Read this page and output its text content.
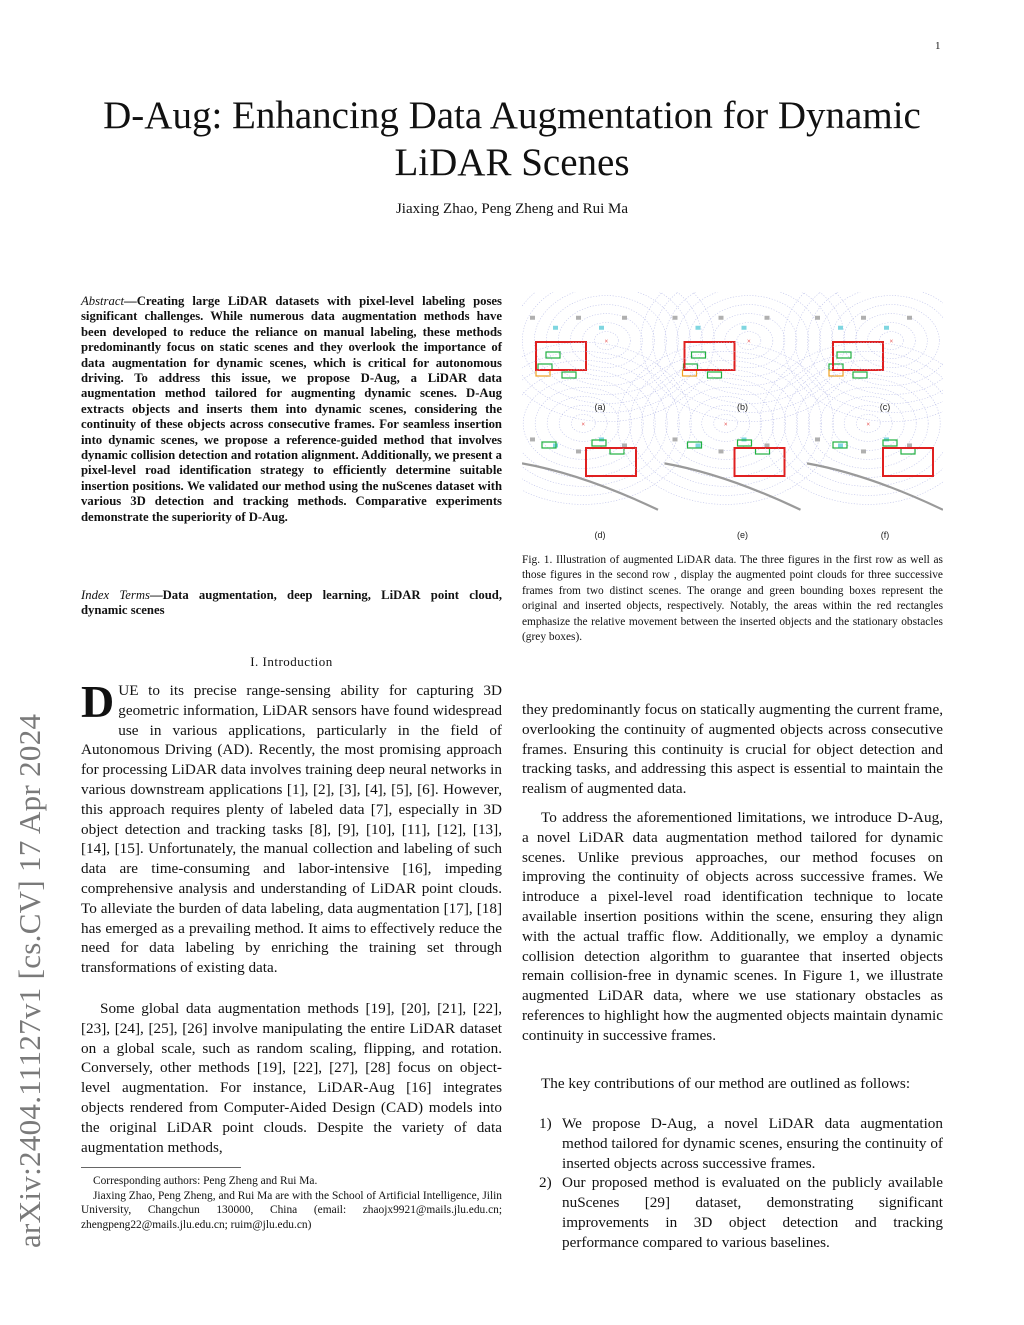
1
D-Aug: Enhancing Data Augmentation for Dynamic LiDAR Scenes
Jiaxing Zhao, Peng Zheng and Rui Ma
arXiv:2404.11127v1 [cs.CV] 17 Apr 2024
Abstract—Creating large LiDAR datasets with pixel-level labeling poses significant challenges. While numerous data augmentation methods have been developed to reduce the reliance on manual labeling, these methods predominantly focus on static scenes and they overlook the importance of data augmentation for dynamic scenes, which is critical for autonomous driving. To address this issue, we propose D-Aug, a LiDAR data augmentation method tailored for augmenting dynamic scenes. D-Aug extracts objects and inserts them into dynamic scenes, considering the continuity of these objects across consecutive frames. For seamless insertion into dynamic scenes, we propose a reference-guided method that involves dynamic collision detection and rotation alignment. Additionally, we present a pixel-level road identification strategy to efficiently determine suitable insertion positions. We validated our method using the nuScenes dataset with various 3D detection and tracking methods. Comparative experiments demonstrate the superiority of D-Aug.
Index Terms—Data augmentation, deep learning, LiDAR point cloud, dynamic scenes
I. Introduction
DUE to its precise range-sensing ability for capturing 3D geometric information, LiDAR sensors have found widespread use in various applications, particularly in the field of Autonomous Driving (AD). Recently, the most promising approach for processing LiDAR data involves training deep neural networks in various downstream applications [1], [2], [3], [4], [5], [6]. However, this approach requires plenty of labeled data [7], especially in 3D object detection and tracking tasks [8], [9], [10], [11], [12], [13], [14], [15]. Unfortunately, the manual collection and labeling of such data are time-consuming and labor-intensive [16], impeding comprehensive analysis and understanding of LiDAR point clouds. To alleviate the burden of data labeling, data augmentation [17], [18] has emerged as a prevailing method. It aims to effectively reduce the need for data labeling by enriching the training set through transformations of existing data.
Some global data augmentation methods [19], [20], [21], [22], [23], [24], [25], [26] involve manipulating the entire LiDAR dataset on a global scale, such as random scaling, flipping, and rotation. Conversely, other methods [19], [22], [27], [28] focus on object-level augmentation. For instance, LiDAR-Aug [16] integrates objects rendered from Computer-Aided Design (CAD) models into the original LiDAR point clouds. Despite the variety of data augmentation methods,
Corresponding authors: Peng Zheng and Rui Ma.
Jiaxing Zhao, Peng Zheng, and Rui Ma are with the School of Artificial Intelligence, Jilin University, Changchun 130000, China (email: zhaojx9921@mails.jlu.edu.cn; zhengpeng22@mails.jlu.edu.cn; ruim@jlu.edu.cn)
×
(a)
×
(b)
×
(c)
×
(d)
×
(e)
×
(f)
Fig. 1. Illustration of augmented LiDAR data. The three figures in the first row as well as those figures in the second row , display the augmented point clouds for three successive frames from two distinct scenes. The orange and green bounding boxes represent the original and inserted objects, respectively. Notably, the areas within the red rectangles emphasize the relative movement between the inserted objects and the stationary obstacles (grey boxes).
they predominantly focus on statically augmenting the current frame, overlooking the continuity of augmented objects across consecutive frames. Ensuring this continuity is crucial for object detection and tracking tasks, and addressing this aspect is essential to maintain the realism of augmented data.
To address the aforementioned limitations, we introduce D-Aug, a novel LiDAR data augmentation method tailored for dynamic scenes. Unlike previous approaches, our method focuses on improving the continuity of objects across successive frames. We introduce a pixel-level road identification technique to locate available insertion positions within the scene, ensuring they align with the actual traffic flow. Additionally, we employ a dynamic collision detection algorithm to guarantee that inserted objects remain collision-free in dynamic scenes. In Figure 1, we illustrate augmented LiDAR data, where we use stationary obstacles as references to highlight how the augmented objects maintain dynamic continuity in successive frames.
The key contributions of our method are outlined as follows:
1) We propose D-Aug, a novel LiDAR data augmentation method tailored for dynamic scenes, ensuring the continuity of inserted objects across successive frames.
2) Our proposed method is evaluated on the publicly available nuScenes [29] dataset, demonstrating significant improvements in 3D object detection and tracking performance compared to various baselines.
